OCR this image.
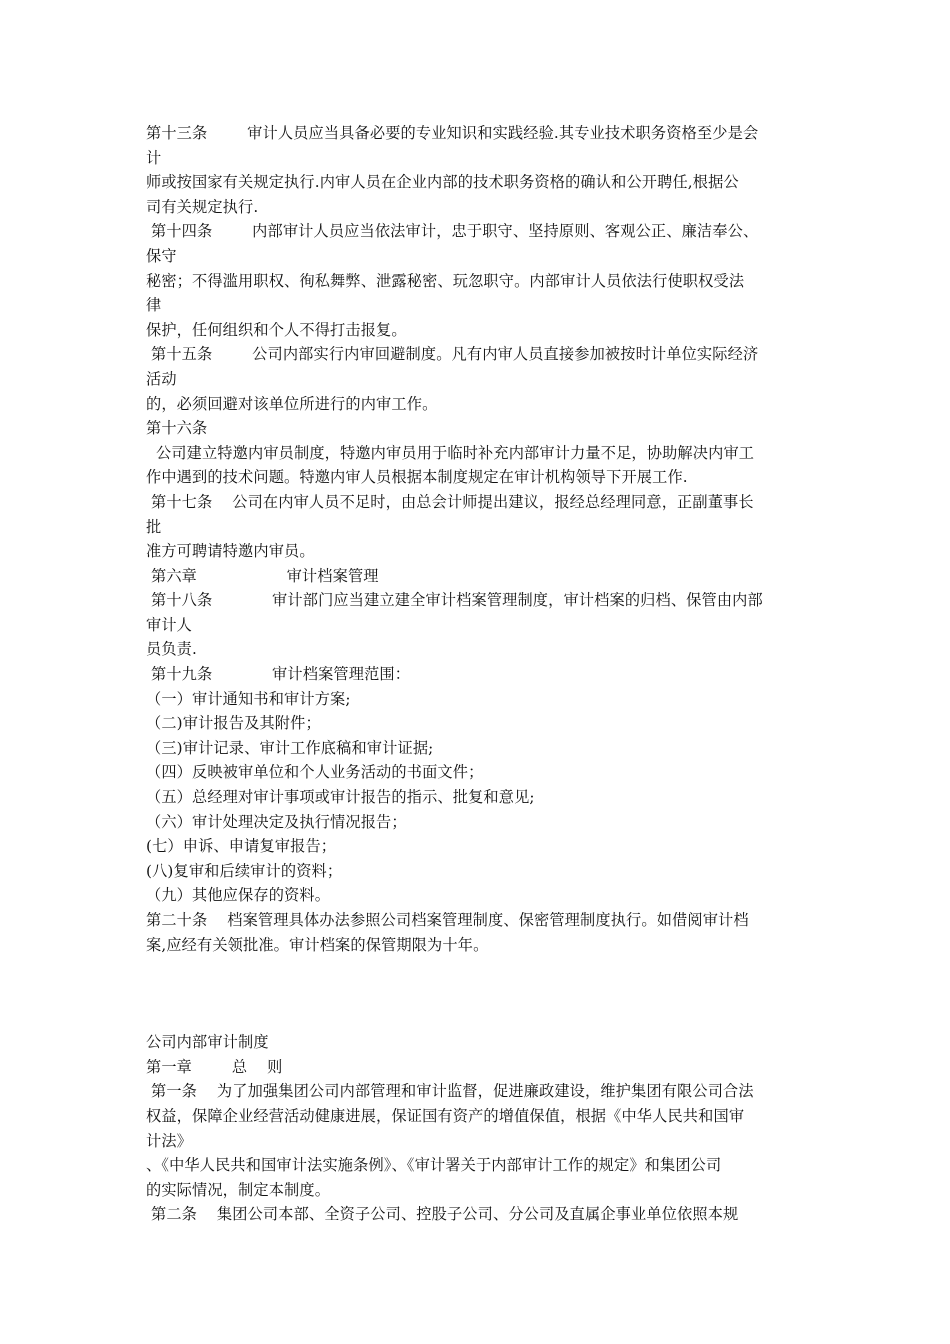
第十三条        审计人员应当具备必要的专业知识和实践经验.其专业技术职务资格至少是会
计
师或按国家有关规定执行.内审人员在企业内部的技术职务资格的确认和公开聘任,根据公
司有关规定执行.
第十四条        内部审计人员应当依法审计，忠于职守、坚持原则、客观公正、廉洁奉公、
保守
秘密；不得滥用职权、徇私舞弊、泄露秘密、玩忽职守。内部审计人员依法行使职权受法
律
保护，任何组织和个人不得打击报复。
第十五条        公司内部实行内审回避制度。凡有内审人员直接参加被按时计单位实际经济
活动
的，必须回避对该单位所进行的内审工作。
第十六条
公司建立特邀内审员制度，特邀内审员用于临时补充内部审计力量不足，协助解决内审工
作中遇到的技术问题。特邀内审人员根据本制度规定在审计机构领导下开展工作.
第十七条    公司在内审人员不足时，由总会计师提出建议，报经总经理同意，正副董事长
批
准方可聘请特邀内审员。
第六章                  审计档案管理
第十八条            审计部门应当建立建全审计档案管理制度，审计档案的归档、保管由内部
审计人
员负责.
第十九条            审计档案管理范围：
（一）审计通知书和审计方案;
（二)审计报告及其附件；
（三)审计记录、审计工作底稿和审计证据;
（四）反映被审单位和个人业务活动的书面文件；
（五）总经理对审计事项或审计报告的指示、批复和意见;
（六）审计处理决定及执行情况报告；
(七）申诉、申请复审报告；
(八)复审和后续审计的资料；
（九）其他应保存的资料。
第二十条    档案管理具体办法参照公司档案管理制度、保密管理制度执行。如借阅审计档
案,应经有关领批准。审计档案的保管期限为十年。
公司内部审计制度
第一章        总    则
第一条    为了加强集团公司内部管理和审计监督，促进廉政建设，维护集团有限公司合法
权益，保障企业经营活动健康进展，保证国有资产的增值保值，根据《中华人民共和国审
计法》
、《中华人民共和国审计法实施条例》、《审计署关于内部审计工作的规定》和集团公司
的实际情况，制定本制度。
第二条    集团公司本部、全资子公司、控股子公司、分公司及直属企事业单位依照本规
